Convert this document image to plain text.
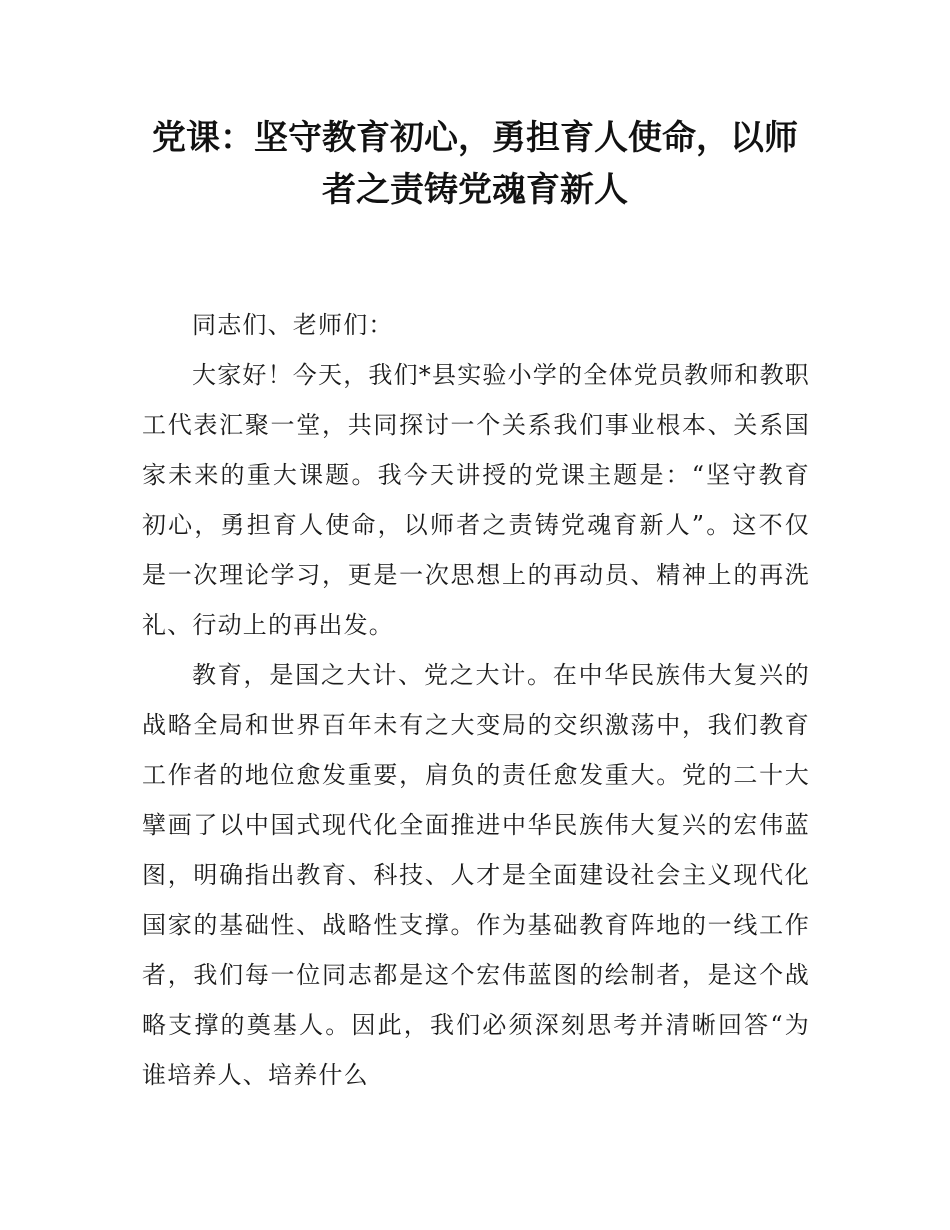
党课：坚守教育初心，勇担育人使命，以师
者之责铸党魂育新人

同志们、老师们：

大家好！今天，我们*县实验小学的全体党员教师和教职工代表汇聚一堂，共同探讨一个关系我们事业根本、关系国家未来的重大课题。我今天讲授的党课主题是：“坚守教育初心，勇担育人使命，以师者之责铸党魂育新人”。这不仅是一次理论学习，更是一次思想上的再动员、精神上的再洗礼、行动上的再出发。

教育，是国之大计、党之大计。在中华民族伟大复兴的战略全局和世界百年未有之大变局的交织激荡中，我们教育工作者的地位愈发重要，肩负的责任愈发重大。党的二十大擘画了以中国式现代化全面推进中华民族伟大复兴的宏伟蓝图，明确指出教育、科技、人才是全面建设社会主义现代化国家的基础性、战略性支撑。作为基础教育阵地的一线工作者，我们每一位同志都是这个宏伟蓝图的绘制者，是这个战略支撑的奠基人。因此，我们必须深刻思考并清晰回答“为谁培养人、培养什么
